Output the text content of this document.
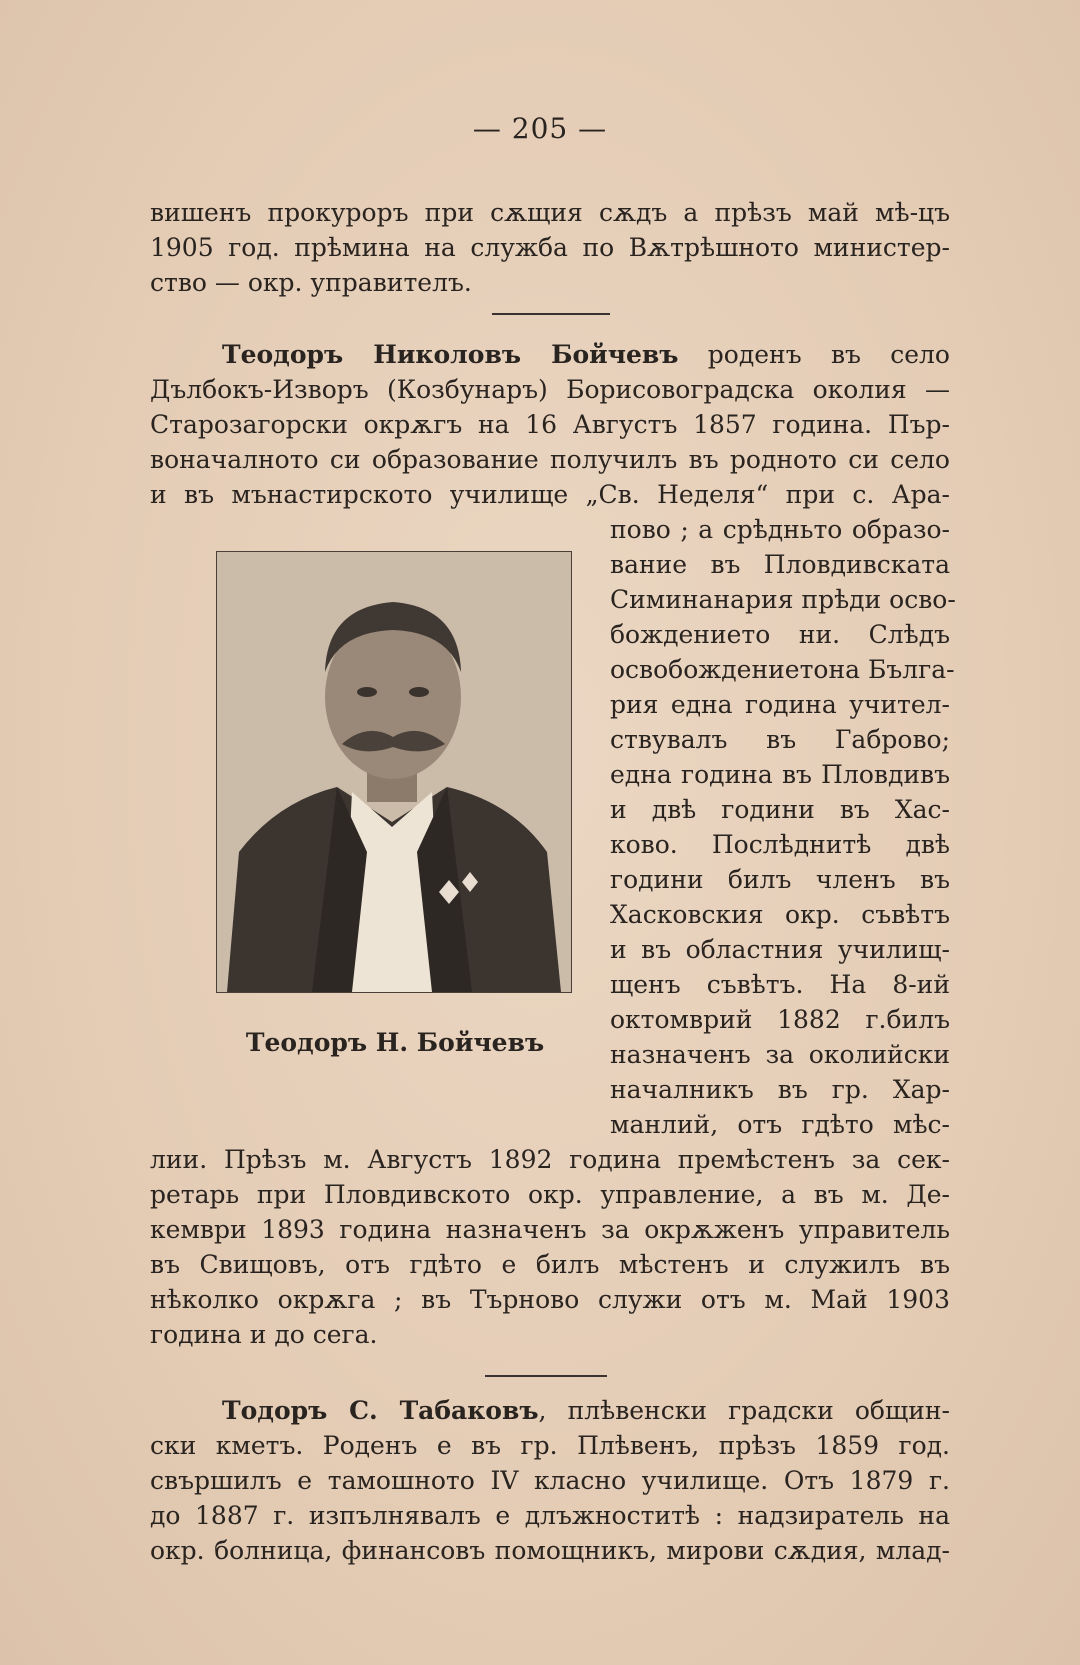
— 205 —
вишенъ прокуроръ при сѫщия сѫдъ а прѣзъ май мѣ-цъ
1905 год. прѣмина на служба по Вѫтрѣшното министер-
ство — окр. управителъ.
Теодоръ Николовъ Бойчевъ роденъ въ село
Дълбокъ-Изворъ (Козбунаръ) Борисовоградска околия —
Старозагорски окрѫгъ на 16 Августъ 1857 година. Пър-
воначалното си образование получилъ въ родното си село
и въ мънастирското училище „Св. Неделя“ при с. Ара-
пово ; а срѣдньто образо-
вание въ Пловдивската
Симинанария прѣди осво-
бождението ни. Слѣдъ
освобождениетона Бълга-
рия една година учител-
ствувалъ въ Габрово;
една година въ Пловдивъ
и двѣ години въ Хас-
ково. Послѣднитѣ двѣ
години билъ членъ въ
Хасковския окр. съвѣтъ
и въ областния училищ-
щенъ съвѣтъ. На 8-ий
октомврий 1882 г.билъ
назначенъ за околийски
началникъ въ гр. Хар-
манлий, отъ гдѣто мѣс-
лии. Прѣзъ м. Августъ 1892 година премѣстенъ за сек-
ретарь при Пловдивското окр. управление, а въ м. Де-
кември 1893 година назначенъ за окрѫженъ управитель
въ Свищовъ, отъ гдѣто е билъ мѣстенъ и служилъ въ
нѣколко окрѫга ; въ Търново служи отъ м. Май 1903
година и до сега.
Теодоръ Н. Бойчевъ
Тодоръ С. Табаковъ, плѣвенски градски общин-
ски кметъ. Роденъ е въ гр. Плѣвенъ, прѣзъ 1859 год.
свършилъ е тамошното IV класно училище. Отъ 1879 г.
до 1887 г. изпълнявалъ е длъжноститѣ : надзиратель на
окр. болница, финансовъ помощникъ, мирови сѫдия, млад-
